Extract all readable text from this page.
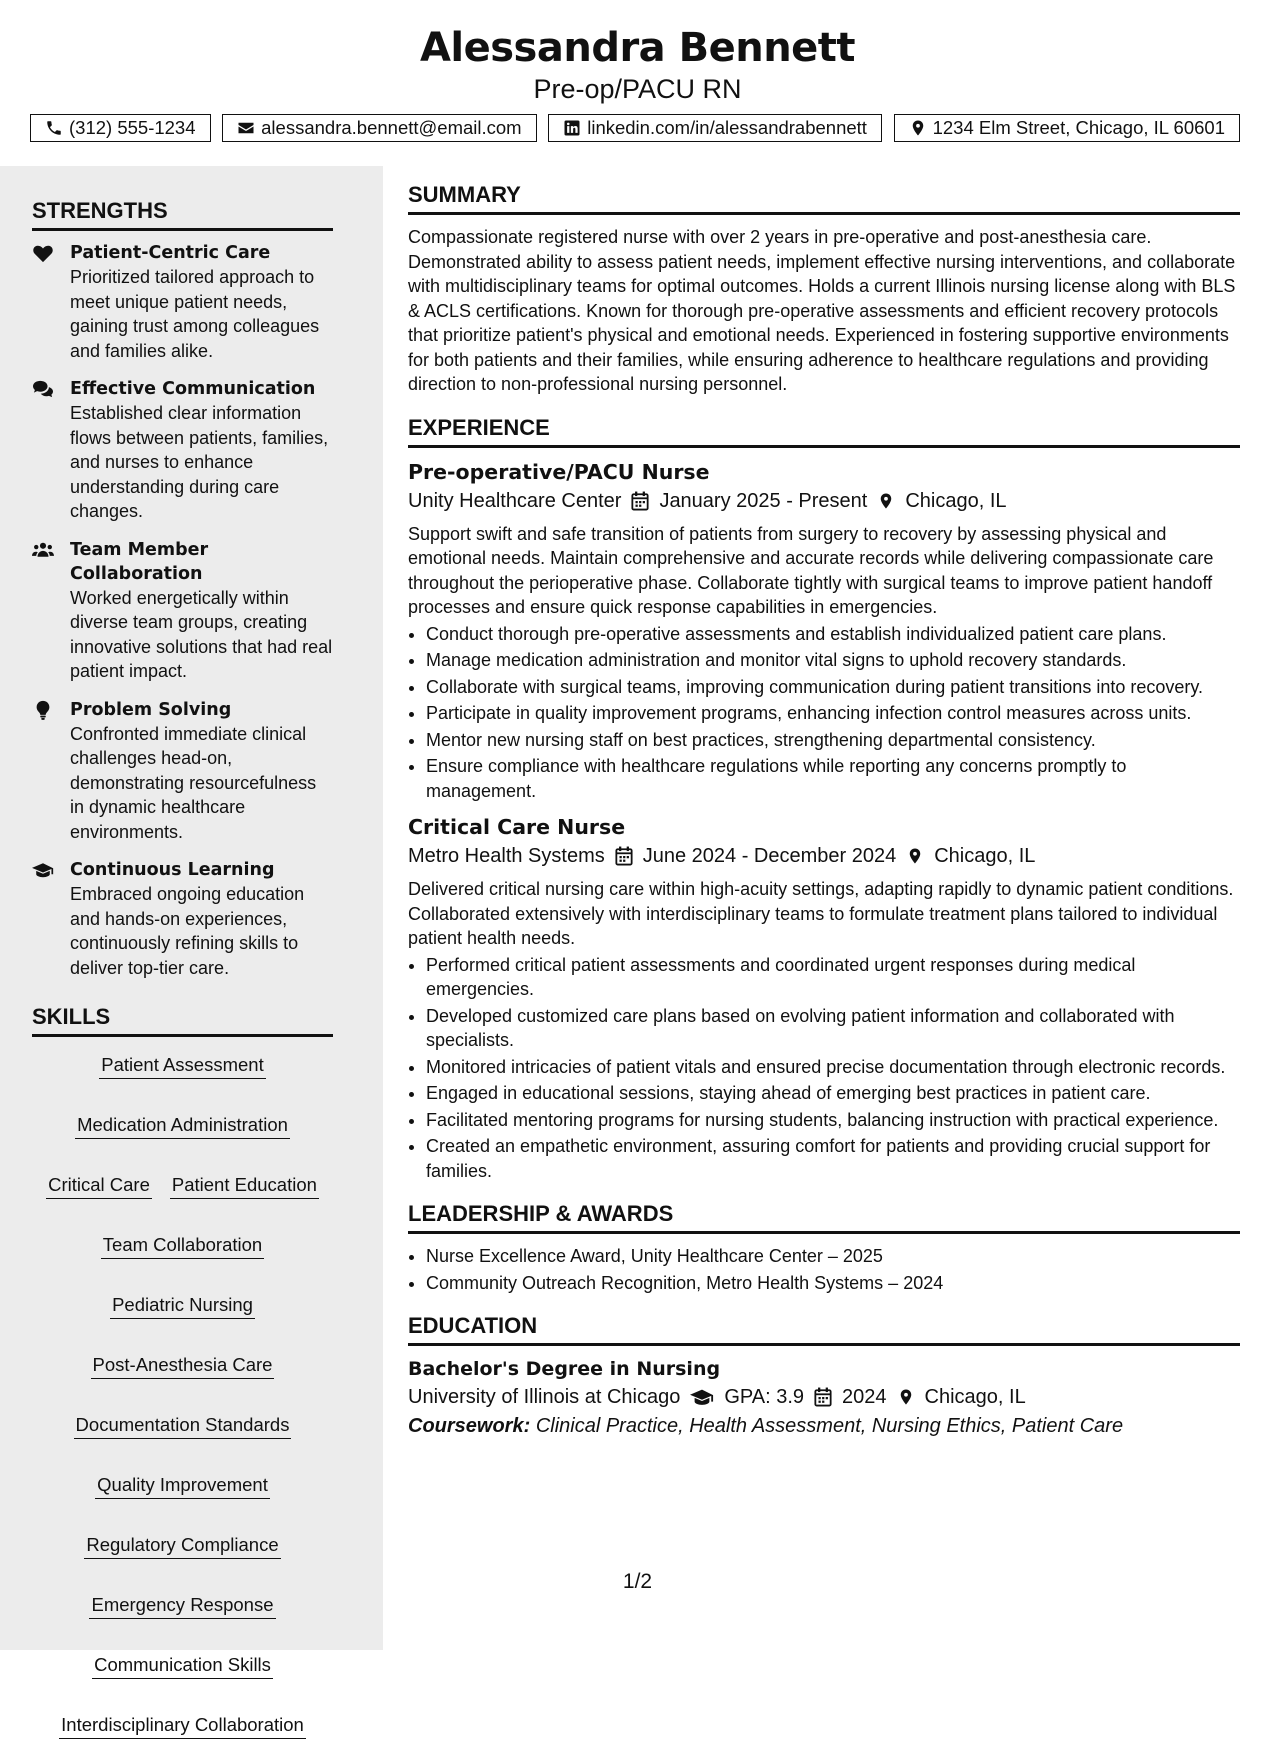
Alessandra Bennett
Pre-op/PACU RN
(312) 555-1234	alessandra.bennett@email.com	linkedin.com/in/alessandrabennett	1234 Elm Street, Chicago, IL 60601
STRENGTHS
Patient-Centric Care
Prioritized tailored approach to meet unique patient needs, gaining trust among colleagues and families alike.
Effective Communication
Established clear information flows between patients, families, and nurses to enhance understanding during care changes.
Team Member Collaboration
Worked energetically within diverse team groups, creating innovative solutions that had real patient impact.
Problem Solving
Confronted immediate clinical challenges head-on, demonstrating resourcefulness in dynamic healthcare environments.
Continuous Learning
Embraced ongoing education and hands-on experiences, continuously refining skills to deliver top-tier care.
SKILLS
Patient Assessment
Medication Administration
Critical Care Patient Education
Team Collaboration
Pediatric Nursing
Post-Anesthesia Care
Documentation Standards
Quality Improvement
Regulatory Compliance
Emergency Response
Communication Skills
Interdisciplinary Collaboration
SUMMARY

Compassionate registered nurse with over 2 years in pre-operative and post-anesthesia care. Demonstrated ability to assess patient needs, implement effective nursing interventions, and collaborate with multidisciplinary teams for optimal outcomes. Holds a current Illinois nursing license along with BLS & ACLS certifications. Known for thorough pre-operative assessments and efficient recovery protocols that prioritize patient's physical and emotional needs. Experienced in fostering supportive environments for both patients and their families, while ensuring adherence to healthcare regulations and providing direction to non-professional nursing personnel.

EXPERIENCE
Pre-operative/PACU Nurse
Unity Healthcare Center January 2025 - Present Chicago, IL

Support swift and safe transition of patients from surgery to recovery by assessing physical and emotional needs. Maintain comprehensive and accurate records while delivering compassionate care throughout the perioperative phase. Collaborate tightly with surgical teams to improve patient handoff processes and ensure quick response capabilities in emergencies.

• Conduct thorough pre-operative assessments and establish individualized patient care plans.
• Manage medication administration and monitor vital signs to uphold recovery standards.
• Collaborate with surgical teams, improving communication during patient transitions into recovery.
• Participate in quality improvement programs, enhancing infection control measures across units.
• Mentor new nursing staff on best practices, strengthening departmental consistency.
• Ensure compliance with healthcare regulations while reporting any concerns promptly to management.
Critical Care Nurse
Metro Health Systems June 2024 - December 2024 Chicago, IL

Delivered critical nursing care within high-acuity settings, adapting rapidly to dynamic patient conditions. Collaborated extensively with interdisciplinary teams to formulate treatment plans tailored to individual patient health needs.

• Performed critical patient assessments and coordinated urgent responses during medical emergencies.
• Developed customized care plans based on evolving patient information and collaborated with specialists.
• Monitored intricacies of patient vitals and ensured precise documentation through electronic records.
• Engaged in educational sessions, staying ahead of emerging best practices in patient care.
• Facilitated mentoring programs for nursing students, balancing instruction with practical experience.
• Created an empathetic environment, assuring comfort for patients and providing crucial support for families.
LEADERSHIP & AWARDS
• Nurse Excellence Award, Unity Healthcare Center – 2025
• Community Outreach Recognition, Metro Health Systems – 2024
EDUCATION
Bachelor's Degree in Nursing
University of Illinois at Chicago GPA: 3.9 2024 Chicago, IL
Coursework: Clinical Practice, Health Assessment, Nursing Ethics, Patient Care
1/2
